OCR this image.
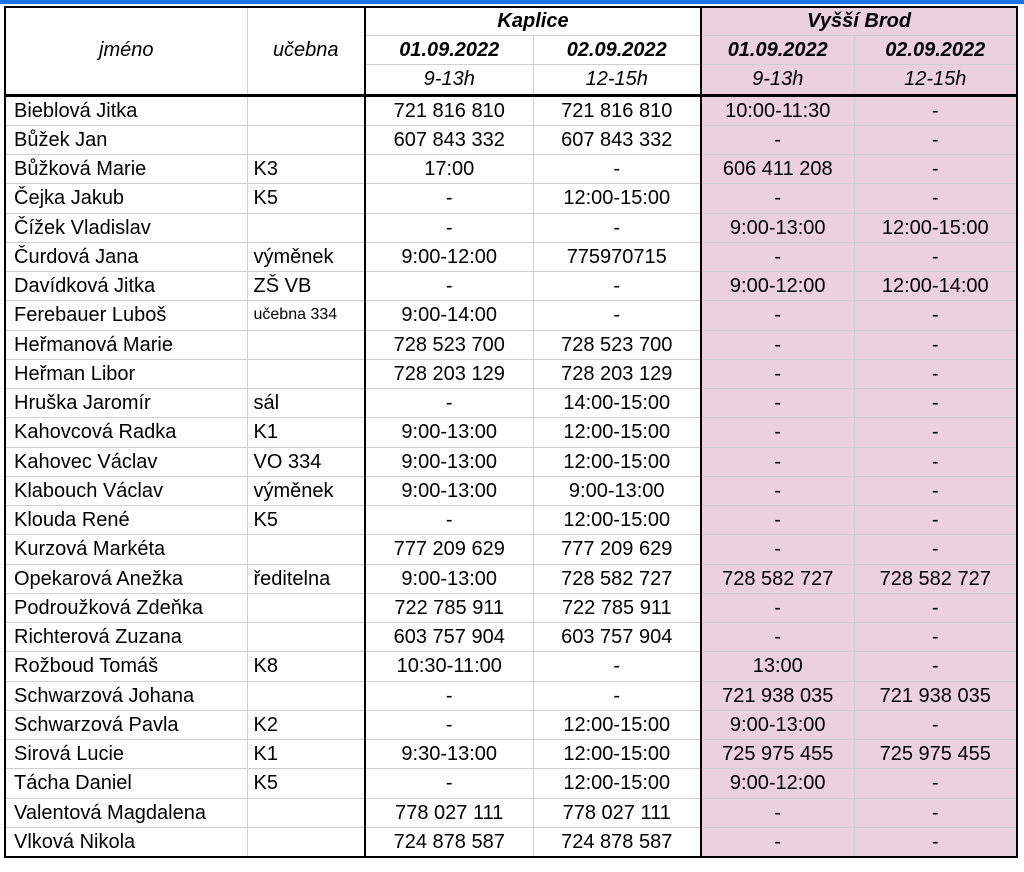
jméno	učebna	Kaplice		Vyšší Brod	
		01.09.2022	02.09.2022	01.09.2022	02.09.2022
		9-13h	12-15h	9-13h	12-15h
Bieblová Jitka		721 816 810	721 816 810	10:00-11:30	-
Bůžek Jan		607 843 332	607 843 332	-	-
Bůžková Marie	K3	17:00	-	606 411 208	-
Čejka Jakub	K5	-	12:00-15:00	-	-
Čížek Vladislav		-	-	9:00-13:00	12:00-15:00
Čurdová Jana	výměnek	9:00-12:00	775970715	-	-
Davídková Jitka	ZŠ VB	-	-	9:00-12:00	12:00-14:00
Ferebauer Luboš	učebna 334	9:00-14:00	-	-	-
Heřmanová Marie		728 523 700	728 523 700	-	-
Heřman Libor		728 203 129	728 203 129	-	-
Hruška Jaromír	sál	-	14:00-15:00	-	-
Kahovcová Radka	K1	9:00-13:00	12:00-15:00	-	-
Kahovec Václav	VO 334	9:00-13:00	12:00-15:00	-	-
Klabouch Václav	výměnek	9:00-13:00	9:00-13:00	-	-
Klouda René	K5	-	12:00-15:00	-	-
Kurzová Markéta		777 209 629	777 209 629	-	-
Opekarová Anežka	ředitelna	9:00-13:00	728 582 727	728 582 727	728 582 727
Podroužková Zdeňka		722 785 911	722 785 911	-	-
Richterová Zuzana		603 757 904	603 757 904	-	-
Rožboud Tomáš	K8	10:30-11:00	-	13:00	-
Schwarzová Johana		-	-	721 938 035	721 938 035
Schwarzová Pavla	K2	-	12:00-15:00	9:00-13:00	-
Sirová Lucie	K1	9:30-13:00	12:00-15:00	725 975 455	725 975 455
Tácha Daniel	K5	-	12:00-15:00	9:00-12:00	-
Valentová Magdalena		778 027 111	778 027 111	-	-
Vlková Nikola		724 878 587	724 878 587	-	-
